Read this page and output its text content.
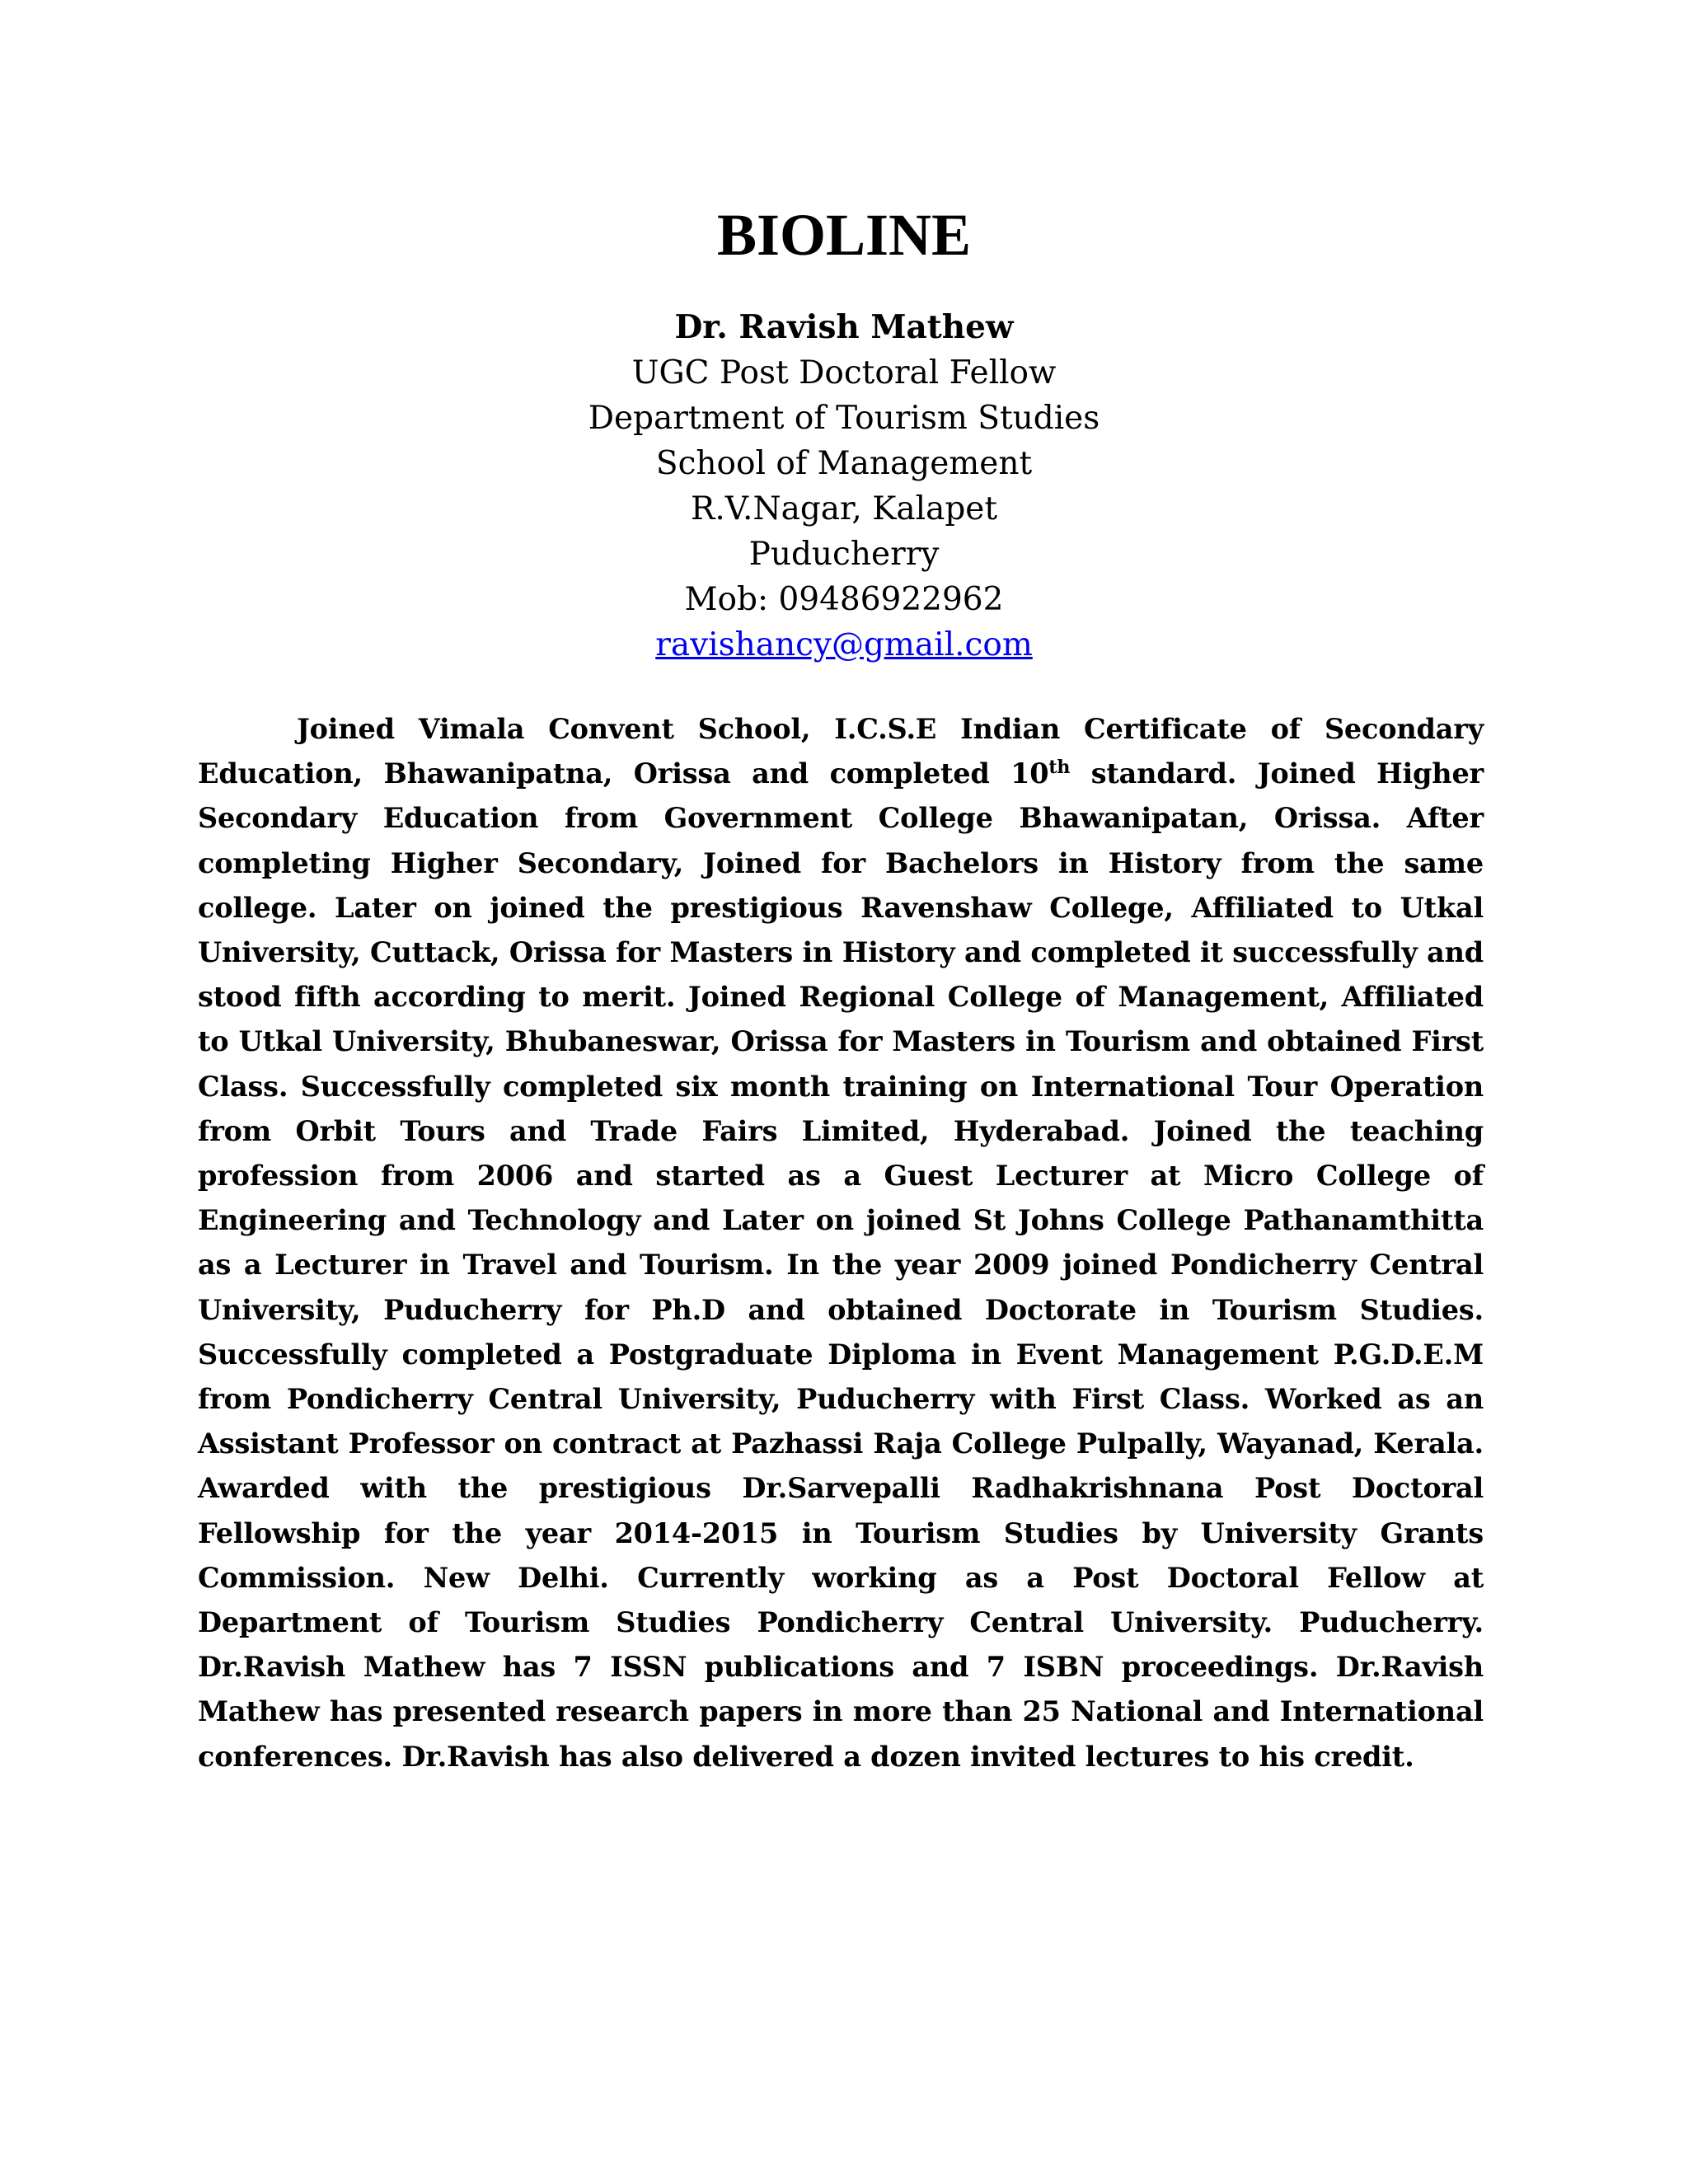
BIOLINE
Dr. Ravish Mathew
UGC Post Doctoral Fellow
Department of Tourism Studies
School of Management
R.V.Nagar, Kalapet
Puducherry
Mob: 09486922962
ravishancy@gmail.com

Joined Vimala Convent School, I.C.S.E Indian Certificate of Secondary Education, Bhawanipatna, Orissa and completed 10th standard. Joined Higher Secondary Education from Government College Bhawanipatan, Orissa. After completing Higher Secondary, Joined for Bachelors in History from the same college. Later on joined the prestigious Ravenshaw College, Affiliated to Utkal University, Cuttack, Orissa for Masters in History and completed it successfully and stood fifth according to merit. Joined Regional College of Management, Affiliated to Utkal University, Bhubaneswar, Orissa for Masters in Tourism and obtained First Class. Successfully completed six month training on International Tour Operation from Orbit Tours and Trade Fairs Limited, Hyderabad. Joined the teaching profession from 2006 and started as a Guest Lecturer at Micro College of Engineering and Technology and Later on joined St Johns College Pathanamthitta as a Lecturer in Travel and Tourism. In the year 2009 joined Pondicherry Central University, Puducherry for Ph.D and obtained Doctorate in Tourism Studies. Successfully completed a Postgraduate Diploma in Event Management P.G.D.E.M from Pondicherry Central University, Puducherry with First Class. Worked as an Assistant Professor on contract at Pazhassi Raja College Pulpally, Wayanad, Kerala. Awarded with the prestigious Dr.Sarvepalli Radhakrishnana Post Doctoral Fellowship for the year 2014-2015 in Tourism Studies by University Grants Commission. New Delhi. Currently working as a Post Doctoral Fellow at Department of Tourism Studies Pondicherry Central University. Puducherry. Dr.Ravish Mathew has 7 ISSN publications and 7 ISBN proceedings. Dr.Ravish Mathew has presented research papers in more than 25 National and International conferences. Dr.Ravish has also delivered a dozen invited lectures to his credit.
